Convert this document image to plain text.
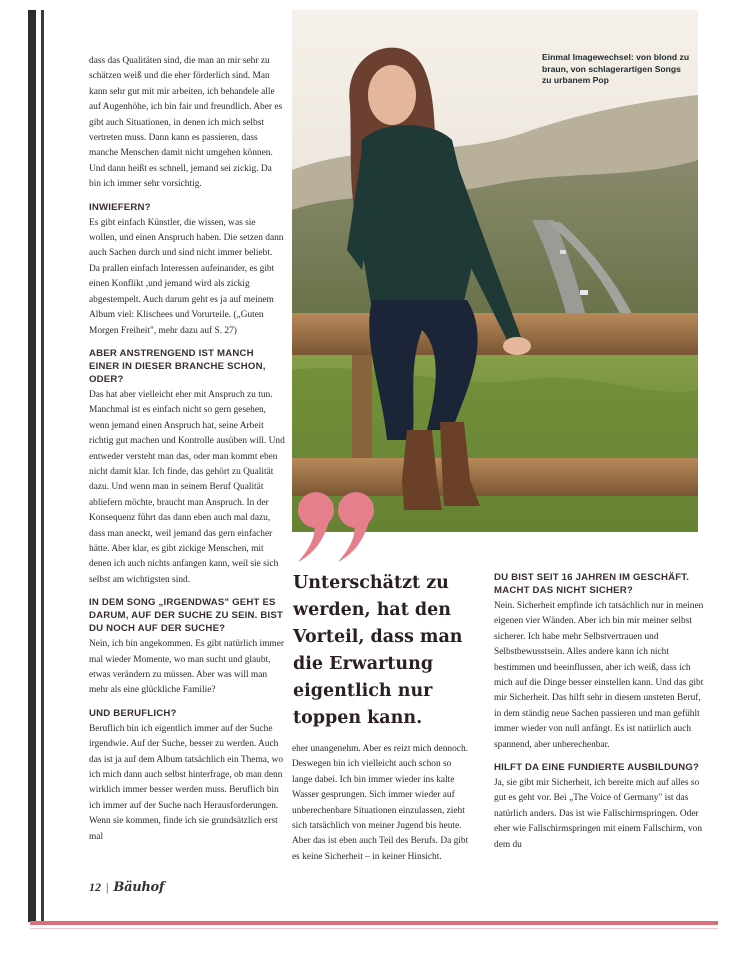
dass das Qualitäten sind, die man an mir sehr zu schätzen weiß und die eher förderlich sind. Man kann sehr gut mit mir arbeiten, ich behandele alle auf Augenhöhe, ich bin fair und freundlich. Aber es gibt auch Situationen, in denen ich mich selbst vertreten muss. Dann kann es passieren, dass manche Menschen damit nicht umgehen können. Und dann heißt es schnell, jemand sei zickig. Da bin ich immer sehr vorsichtig.

INWIEFERN?

Es gibt einfach Künstler, die wissen, was sie wollen, und einen Anspruch haben. Die setzen dann auch Sachen durch und sind nicht immer beliebt. Da prallen einfach Interessen aufeinander, es gibt einen Konflikt ,und jemand wird als zickig abgestempelt. Auch darum geht es ja auf meinem Album viel: Klischees und Vorurteile. („Guten Morgen Freiheit", mehr dazu auf S. 27)

ABER ANSTRENGEND IST MANCH EINER IN DIESER BRANCHE SCHON, ODER?

Das hat aber vielleicht eher mit Anspruch zu tun. Manchmal ist es einfach nicht so gern gesehen, wenn jemand einen Anspruch hat, seine Arbeit richtig gut machen und Kontrolle ausüben will. Und entweder versteht man das, oder man kommt eben nicht damit klar. Ich finde, das gehört zu Qualität dazu. Und wenn man in seinem Beruf Qualität abliefern möchte, braucht man Anspruch. In der Konsequenz führt das dann eben auch mal dazu, dass man aneckt, weil jemand das gern einfacher hätte. Aber klar, es gibt zickige Menschen, mit denen ich auch nichts anfangen kann, weil sie sich selbst am wichtigsten sind.

IN DEM SONG „IRGENDWAS" GEHT ES DARUM, AUF DER SUCHE ZU SEIN. BIST DU NOCH AUF DER SUCHE?

Nein, ich bin angekommen. Es gibt natürlich immer mal wieder Momente, wo man sucht und glaubt, etwas verändern zu müssen. Aber was will man mehr als eine glückliche Familie?

UND BERUFLICH?

Beruflich bin ich eigentlich immer auf der Suche irgendwie. Auf der Suche, besser zu werden. Auch das ist ja auf dem Album tatsächlich ein Thema, wo ich mich dann auch selbst hinterfrage, ob man denn wirklich immer besser werden muss. Beruflich bin ich immer auf der Suche nach Herausforderungen. Wenn sie kommen, finde ich sie grundsätzlich erst mal

Einmal Imagewechsel: von blond zu braun, von schlagerartigen Songs zu urbanem Pop
Unterschätzt zu werden, hat den Vorteil, dass man die Erwartung eigentlich nur toppen kann.

eher unangenehm. Aber es reizt mich dennoch. Deswegen bin ich vielleicht auch schon so lange dabei. Ich bin immer wieder ins kalte Wasser gesprungen. Sich immer wieder auf unberechenbare Situationen einzulassen, zieht sich tatsächlich von meiner Jugend bis heute. Aber das ist eben auch Teil des Berufs. Da gibt es keine Sicherheit – in keiner Hinsicht.

DU BIST SEIT 16 JAHREN IM GESCHÄFT. MACHT DAS NICHT SICHER?

Nein. Sicherheit empfinde ich tatsächlich nur in meinen eigenen vier Wänden. Aber ich bin mir meiner selbst sicherer. Ich habe mehr Selbstvertrauen und Selbstbewusstsein. Alles andere kann ich nicht bestimmen und beeinflussen, aber ich weiß, dass ich mich auf die Dinge besser einstellen kann. Und das gibt mir Sicherheit. Das hilft sehr in diesem unsteten Beruf, in dem ständig neue Sachen passieren und man gefühlt immer wieder von null anfängt. Es ist natürlich auch spannend, aber unberechenbar.

HILFT DA EINE FUNDIERTE AUSBILDUNG?

Ja, sie gibt mir Sicherheit, ich bereite mich auf alles so gut es geht vor. Bei „The Voice of Germany" ist das natürlich anders. Das ist wie Fallschirmspringen. Oder eher wie Fallschirmspringen mit einem Fallschirm, von dem du

12 | Bäuhof
